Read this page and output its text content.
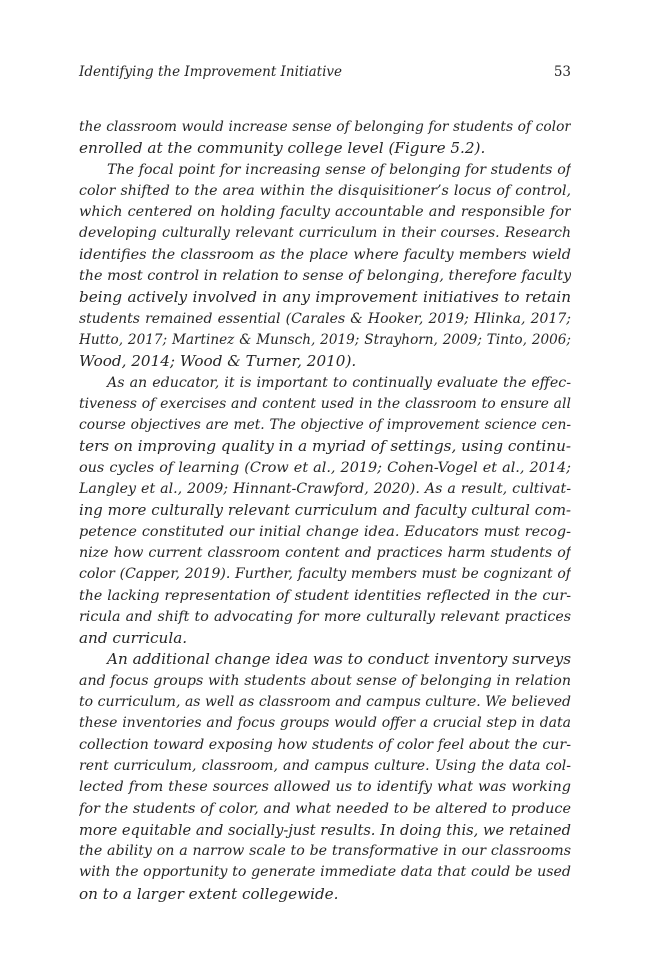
Identifying the Improvement Initiative	53
the classroom would increase sense of belonging for students of color
enrolled at the community college level (Figure 5.2).
The focal point for increasing sense of belonging for students of
color shifted to the area within the disquisitioner’s locus of control,
which centered on holding faculty accountable and responsible for
developing culturally relevant curriculum in their courses. Research
identifies the classroom as the place where faculty members wield
the most control in relation to sense of belonging, therefore faculty
being actively involved in any improvement initiatives to retain
students remained essential (Carales & Hooker, 2019; Hlinka, 2017;
Hutto, 2017; Martinez & Munsch, 2019; Strayhorn, 2009; Tinto, 2006;
Wood, 2014; Wood & Turner, 2010).
As an educator, it is important to continually evaluate the effec-
tiveness of exercises and content used in the classroom to ensure all
course objectives are met. The objective of improvement science cen-
ters on improving quality in a myriad of settings, using continu-
ous cycles of learning (Crow et al., 2019; Cohen-Vogel et al., 2014;
Langley et al., 2009; Hinnant-Crawford, 2020). As a result, cultivat-
ing more culturally relevant curriculum and faculty cultural com-
petence constituted our initial change idea. Educators must recog-
nize how current classroom content and practices harm students of
color (Capper, 2019). Further, faculty members must be cognizant of
the lacking representation of student identities reflected in the cur-
ricula and shift to advocating for more culturally relevant practices
and curricula.
An additional change idea was to conduct inventory surveys
and focus groups with students about sense of belonging in relation
to curriculum, as well as classroom and campus culture. We believed
these inventories and focus groups would offer a crucial step in data
collection toward exposing how students of color feel about the cur-
rent curriculum, classroom, and campus culture. Using the data col-
lected from these sources allowed us to identify what was working
for the students of color, and what needed to be altered to produce
more equitable and socially-just results. In doing this, we retained
the ability on a narrow scale to be transformative in our classrooms
with the opportunity to generate immediate data that could be used
on to a larger extent collegewide.
